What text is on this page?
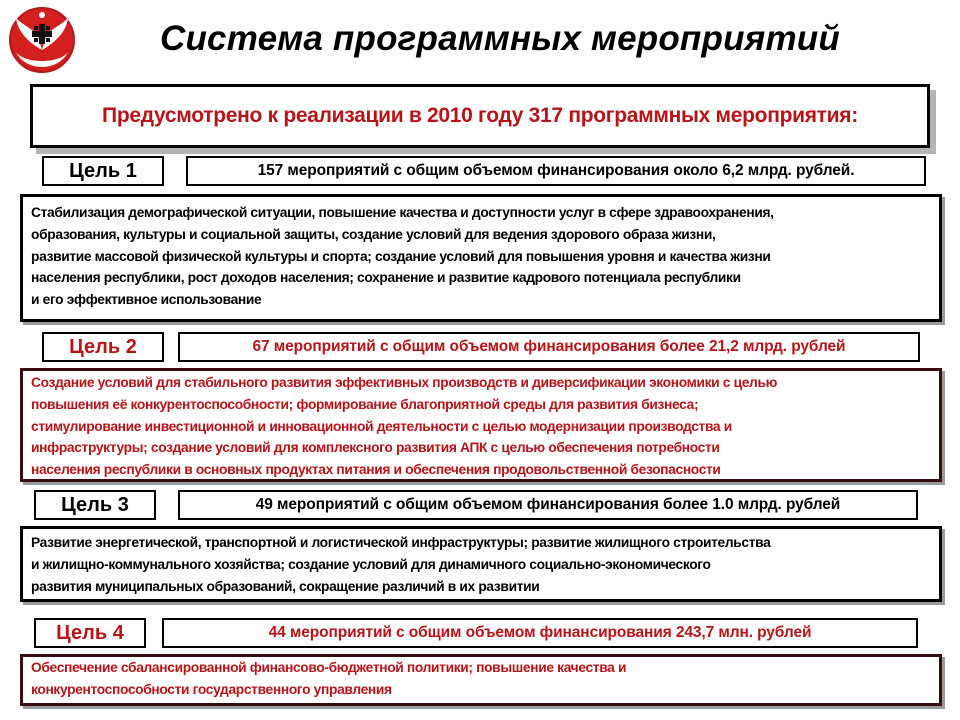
Система программных мероприятий
Предусмотрено к реализации в 2010 году 317 программных мероприятия:
Цель 1	157 мероприятий с общим объемом финансирования около 6,2 млрд. рублей.
Стабилизация демографической ситуации, повышение качества и доступности услуг в сфере здравоохранения,
образования, культуры и социальной защиты, создание условий для ведения здорового образа жизни,
развитие массовой физической культуры и спорта; создание условий для повышения уровня и качества жизни
населения республики, рост доходов населения; сохранение и развитие кадрового потенциала республики
и его эффективное использование
Цель 2	67 мероприятий с общим объемом финансирования более 21,2 млрд. рублей
Создание условий для стабильного развития эффективных производств и диверсификации экономики с целью
повышения её конкурентоспособности; формирование благоприятной среды для развития бизнеса;
стимулирование инвестиционной и инновационной деятельности с целью модернизации производства и
инфраструктуры; создание условий для комплексного развития АПК с целью обеспечения потребности
населения республики в основных продуктах питания и обеспечения продовольственной безопасности
Цель 3	49 мероприятий с общим объемом финансирования более 1.0 млрд. рублей
Развитие энергетической, транспортной и логистической инфраструктуры; развитие жилищного строительства
и жилищно-коммунального хозяйства; создание условий для динамичного социально-экономического
развития муниципальных образований, сокращение различий в их развитии
Цель 4	44 мероприятий с общим объемом финансирования 243,7 млн. рублей
Обеспечение сбалансированной финансово-бюджетной политики; повышение качества и
конкурентоспособности государственного управления
